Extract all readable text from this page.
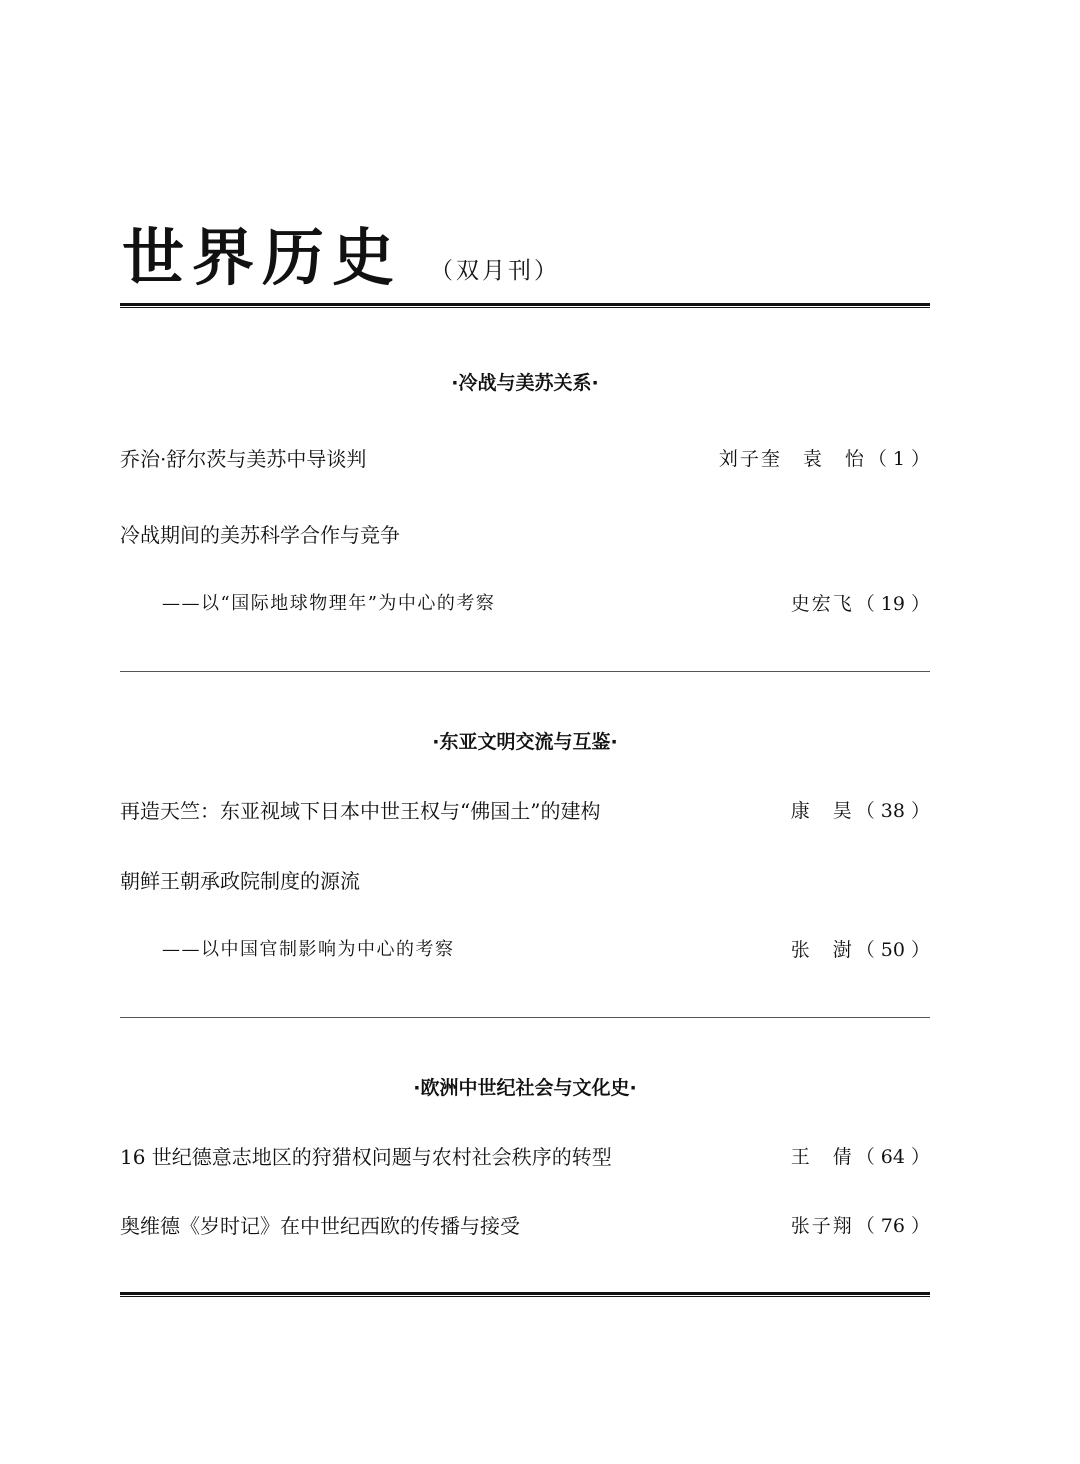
世界历史 （双月刊）
·冷战与美苏关系·
乔治·舒尔茨与美苏中导谈判	刘子奎　袁　怡 （ 1 ）
冷战期间的美苏科学合作与竞争
——以“国际地球物理年”为中心的考察	史宏飞 （ 19 ）
·东亚文明交流与互鉴·
再造天竺：东亚视域下日本中世王权与“佛国土”的建构	康　昊 （ 38 ）
朝鲜王朝承政院制度的源流
——以中国官制影响为中心的考察	张　澍 （ 50 ）
·欧洲中世纪社会与文化史·
16 世纪德意志地区的狩猎权问题与农村社会秩序的转型	王　倩 （ 64 ）
奥维德《岁时记》在中世纪西欧的传播与接受	张子翔 （ 76 ）
